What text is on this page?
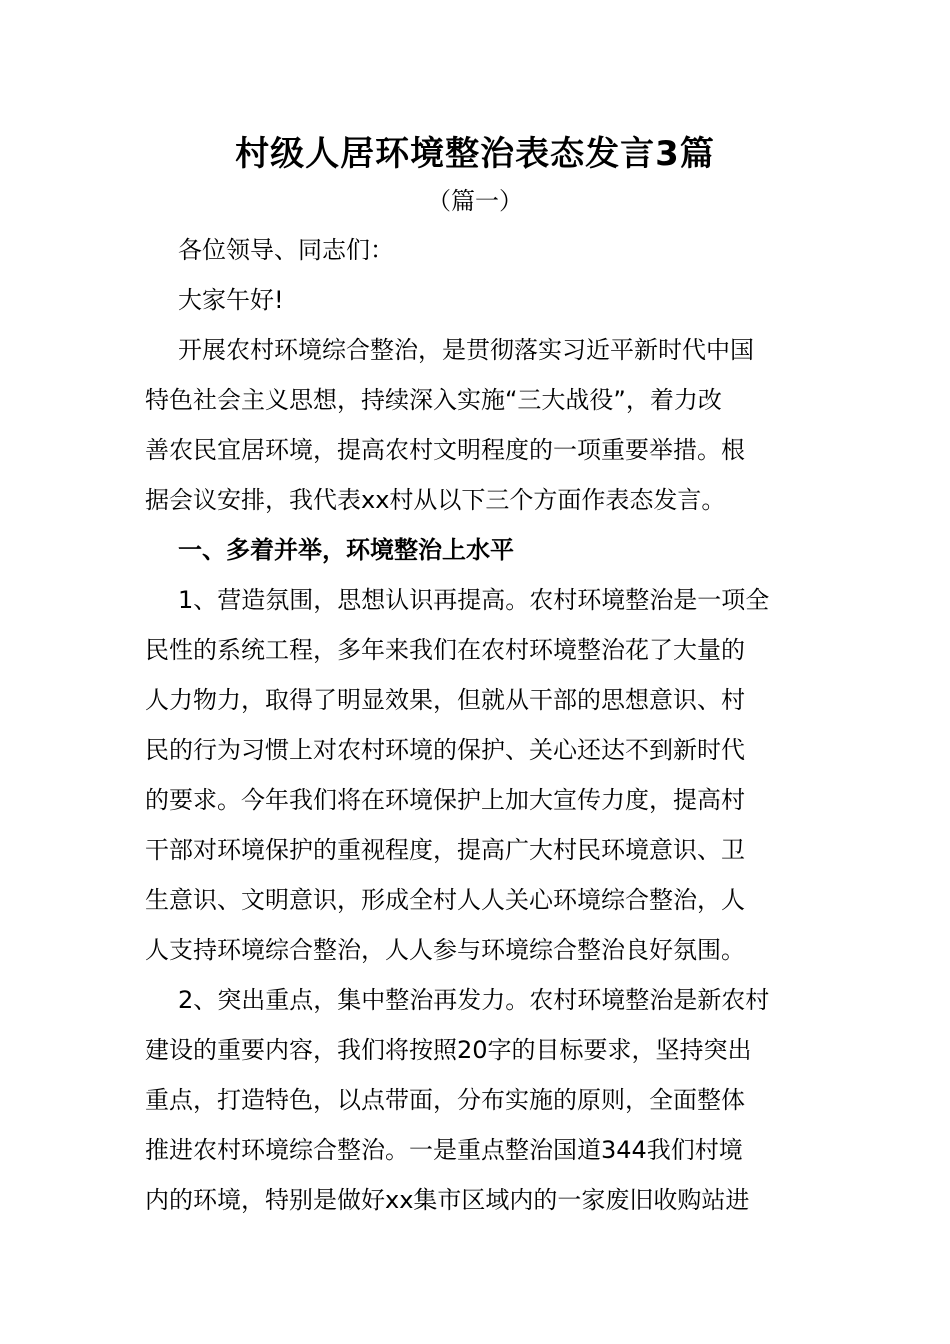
村级人居环境整治表态发言3篇
（篇一）
各位领导、同志们：
大家午好!
开展农村环境综合整治，是贯彻落实习近平新时代中国
特色社会主义思想，持续深入实施“三大战役”，着力改
善农民宜居环境，提高农村文明程度的一项重要举措。根
据会议安排，我代表xx村从以下三个方面作表态发言。
一、多着并举，环境整治上水平
1、营造氛围，思想认识再提高。农村环境整治是一项全
民性的系统工程，多年来我们在农村环境整治花了大量的
人力物力，取得了明显效果，但就从干部的思想意识、村
民的行为习惯上对农村环境的保护、关心还达不到新时代
的要求。今年我们将在环境保护上加大宣传力度，提高村
干部对环境保护的重视程度，提高广大村民环境意识、卫
生意识、文明意识，形成全村人人关心环境综合整治，人
人支持环境综合整治，人人参与环境综合整治良好氛围。
2、突出重点，集中整治再发力。农村环境整治是新农村
建设的重要内容，我们将按照20字的目标要求，坚持突出
重点，打造特色，以点带面，分布实施的原则，全面整体
推进农村环境综合整治。一是重点整治国道344我们村境
内的环境，特别是做好xx集市区域内的一家废旧收购站进
